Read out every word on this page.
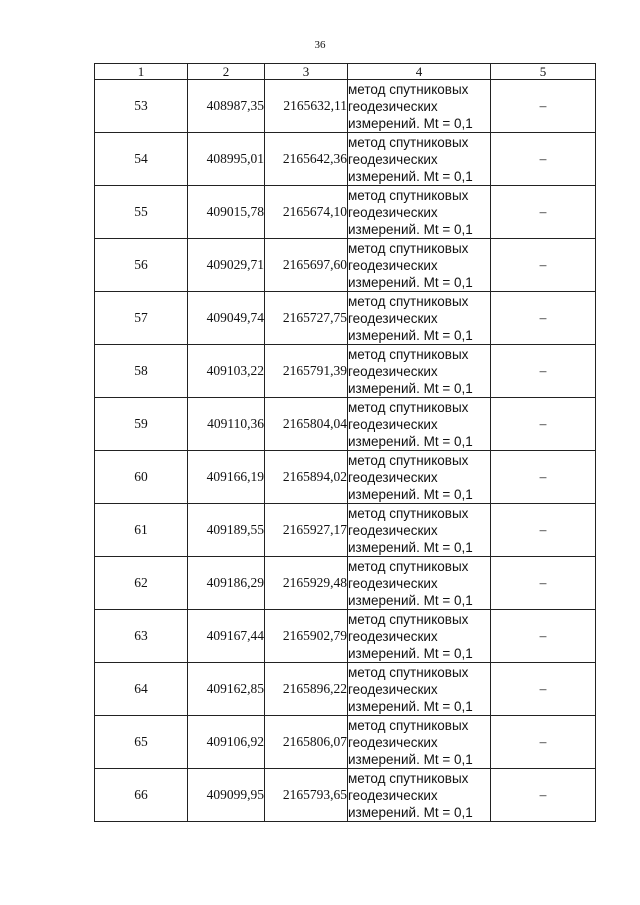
36
1	2	3	4	5
53	408987,35	2165632,11	метод спутниковых
геодезических
измерений. Mt = 0,1	–
54	408995,01	2165642,36	метод спутниковых
геодезических
измерений. Mt = 0,1	–
55	409015,78	2165674,10	метод спутниковых
геодезических
измерений. Mt = 0,1	–
56	409029,71	2165697,60	метод спутниковых
геодезических
измерений. Mt = 0,1	–
57	409049,74	2165727,75	метод спутниковых
геодезических
измерений. Mt = 0,1	–
58	409103,22	2165791,39	метод спутниковых
геодезических
измерений. Mt = 0,1	–
59	409110,36	2165804,04	метод спутниковых
геодезических
измерений. Mt = 0,1	–
60	409166,19	2165894,02	метод спутниковых
геодезических
измерений. Mt = 0,1	–
61	409189,55	2165927,17	метод спутниковых
геодезических
измерений. Mt = 0,1	–
62	409186,29	2165929,48	метод спутниковых
геодезических
измерений. Mt = 0,1	–
63	409167,44	2165902,79	метод спутниковых
геодезических
измерений. Mt = 0,1	–
64	409162,85	2165896,22	метод спутниковых
геодезических
измерений. Mt = 0,1	–
65	409106,92	2165806,07	метод спутниковых
геодезических
измерений. Mt = 0,1	–
66	409099,95	2165793,65	метод спутниковых
геодезических
измерений. Mt = 0,1	–
